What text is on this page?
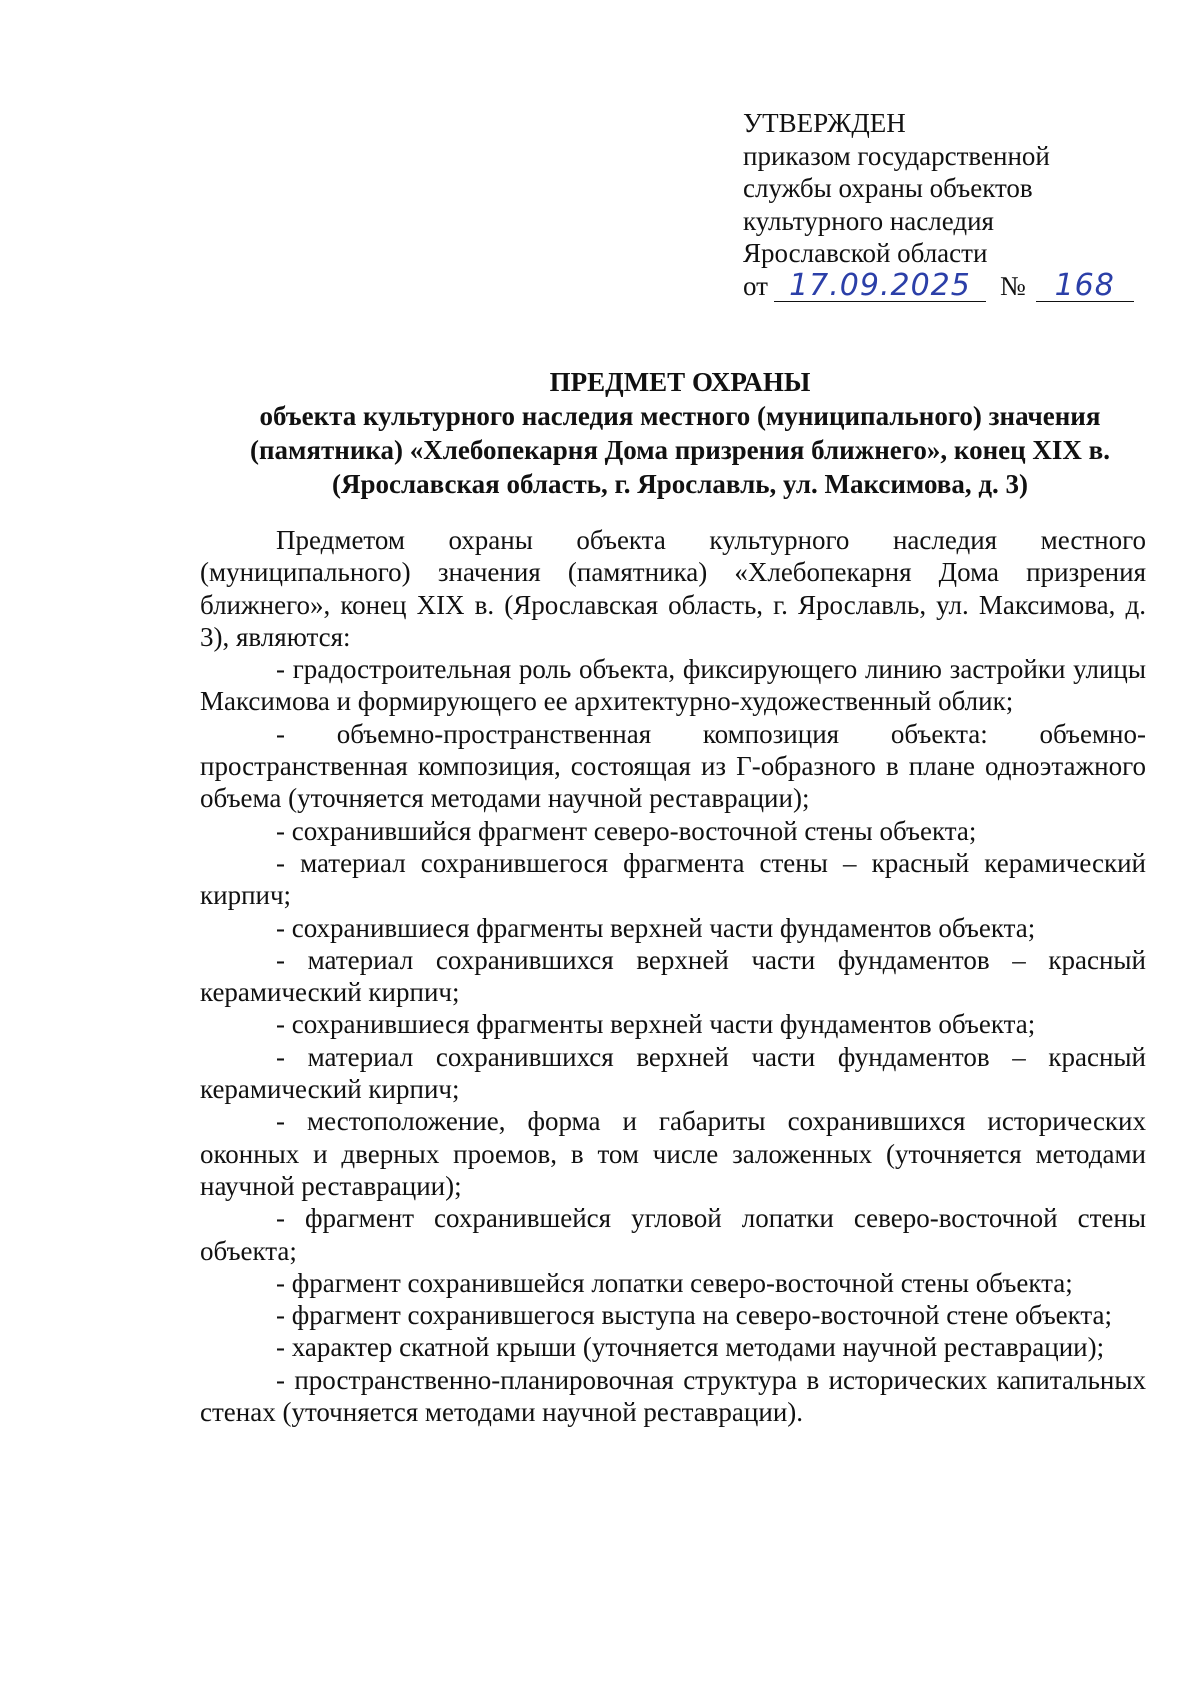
УТВЕРЖДЕН
приказом государственной
службы охраны объектов
культурного наследия
Ярославской области
от 17.09.2025	№ 168
ПРЕДМЕТ ОХРАНЫ
объекта культурного наследия местного (муниципального) значения
(памятника) «Хлебопекарня Дома призрения ближнего», конец XIX в.
(Ярославская область, г. Ярославль, ул. Максимова, д. 3)

Предметом охраны объекта культурного наследия местного (муниципального) значения (памятника) «Хлебопекарня Дома призрения ближнего», конец XIX в. (Ярославская область, г. Ярославль, ул. Максимова, д. 3), являются:

- градостроительная роль объекта, фиксирующего линию застройки улицы Максимова и формирующего ее архитектурно-художественный облик;

- объемно-пространственная композиция объекта: объемно-пространственная композиция, состоящая из Г-образного в плане одноэтажного объема (уточняется методами научной реставрации);

- сохранившийся фрагмент северо-восточной стены объекта;

- материал сохранившегося фрагмента стены – красный керамический кирпич;

- сохранившиеся фрагменты верхней части фундаментов объекта;

- материал сохранившихся верхней части фундаментов – красный керамический кирпич;

- сохранившиеся фрагменты верхней части фундаментов объекта;

- материал сохранившихся верхней части фундаментов – красный керамический кирпич;

- местоположение, форма и габариты сохранившихся исторических оконных и дверных проемов, в том числе заложенных (уточняется методами научной реставрации);

- фрагмент сохранившейся угловой лопатки северо-восточной стены объекта;

- фрагмент сохранившейся лопатки северо-восточной стены объекта;

- фрагмент сохранившегося выступа на северо-восточной стене объекта;

- характер скатной крыши (уточняется методами научной реставрации);

- пространственно-планировочная структура в исторических капитальных стенах (уточняется методами научной реставрации).
